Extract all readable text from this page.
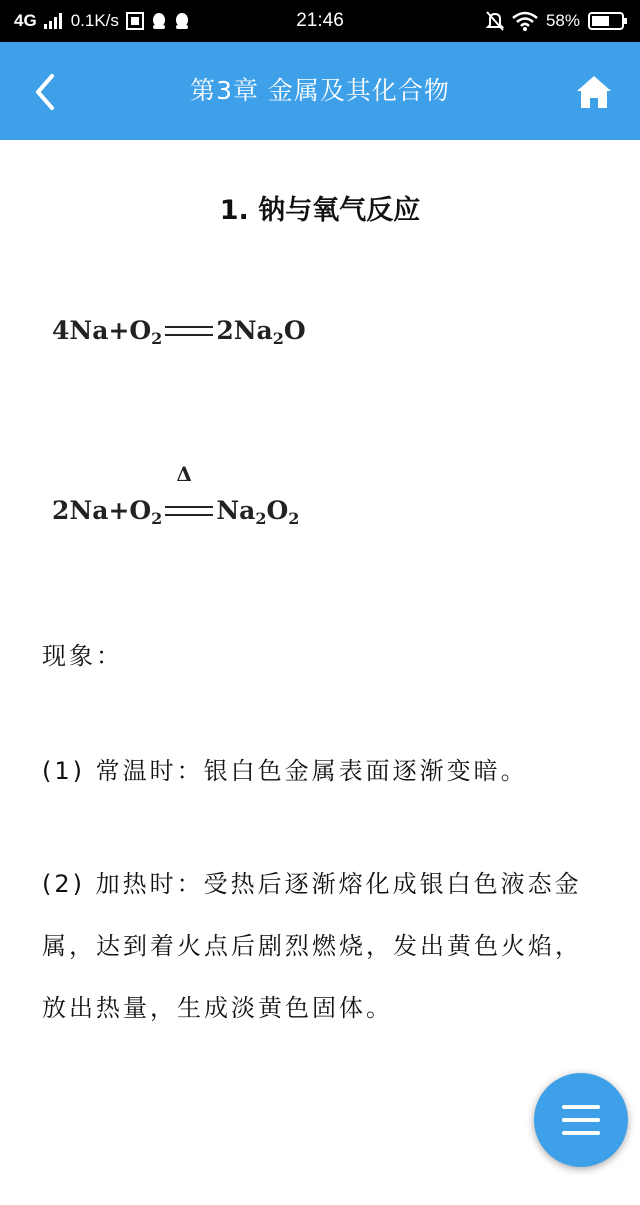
4G 0.1K/s	21:46	58%
第3章 金属及其化合物
1. 钠与氧气反应
$4Na+O_2$ $2Na_2O$
$2Na+O_2$
Δ
$Na_2O_2$
现象：
(1) 常温时：银白色金属表面逐渐变暗。
(2) 加热时：受热后逐渐熔化成银白色液态金属，达到着火点后剧烈燃烧，发出黄色火焰，放出热量，生成淡黄色固体。
